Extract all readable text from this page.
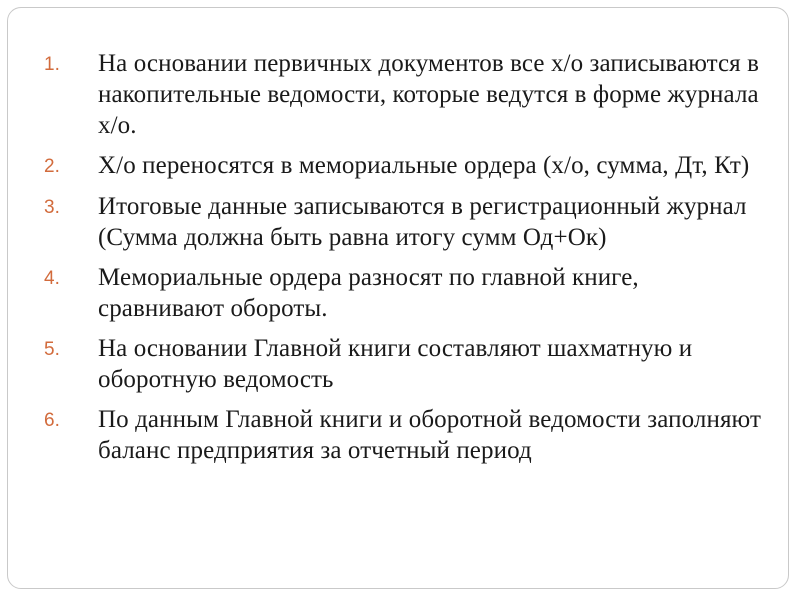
1.	На основании первичных документов все х/о записываются в накопительные ведомости, которые ведутся в форме журнала х/о.
2.	Х/о переносятся в мемориальные ордера (х/о, сумма, Дт, Кт)
3.	Итоговые данные записываются в регистрационный журнал (Сумма должна быть равна итогу сумм Од+Ок)
4.	Мемориальные ордера разносят по главной книге, сравнивают обороты.
5.	На основании Главной книги составляют шахматную и оборотную ведомость
6.	По данным Главной книги и оборотной ведомости заполняют баланс предприятия за отчетный период
